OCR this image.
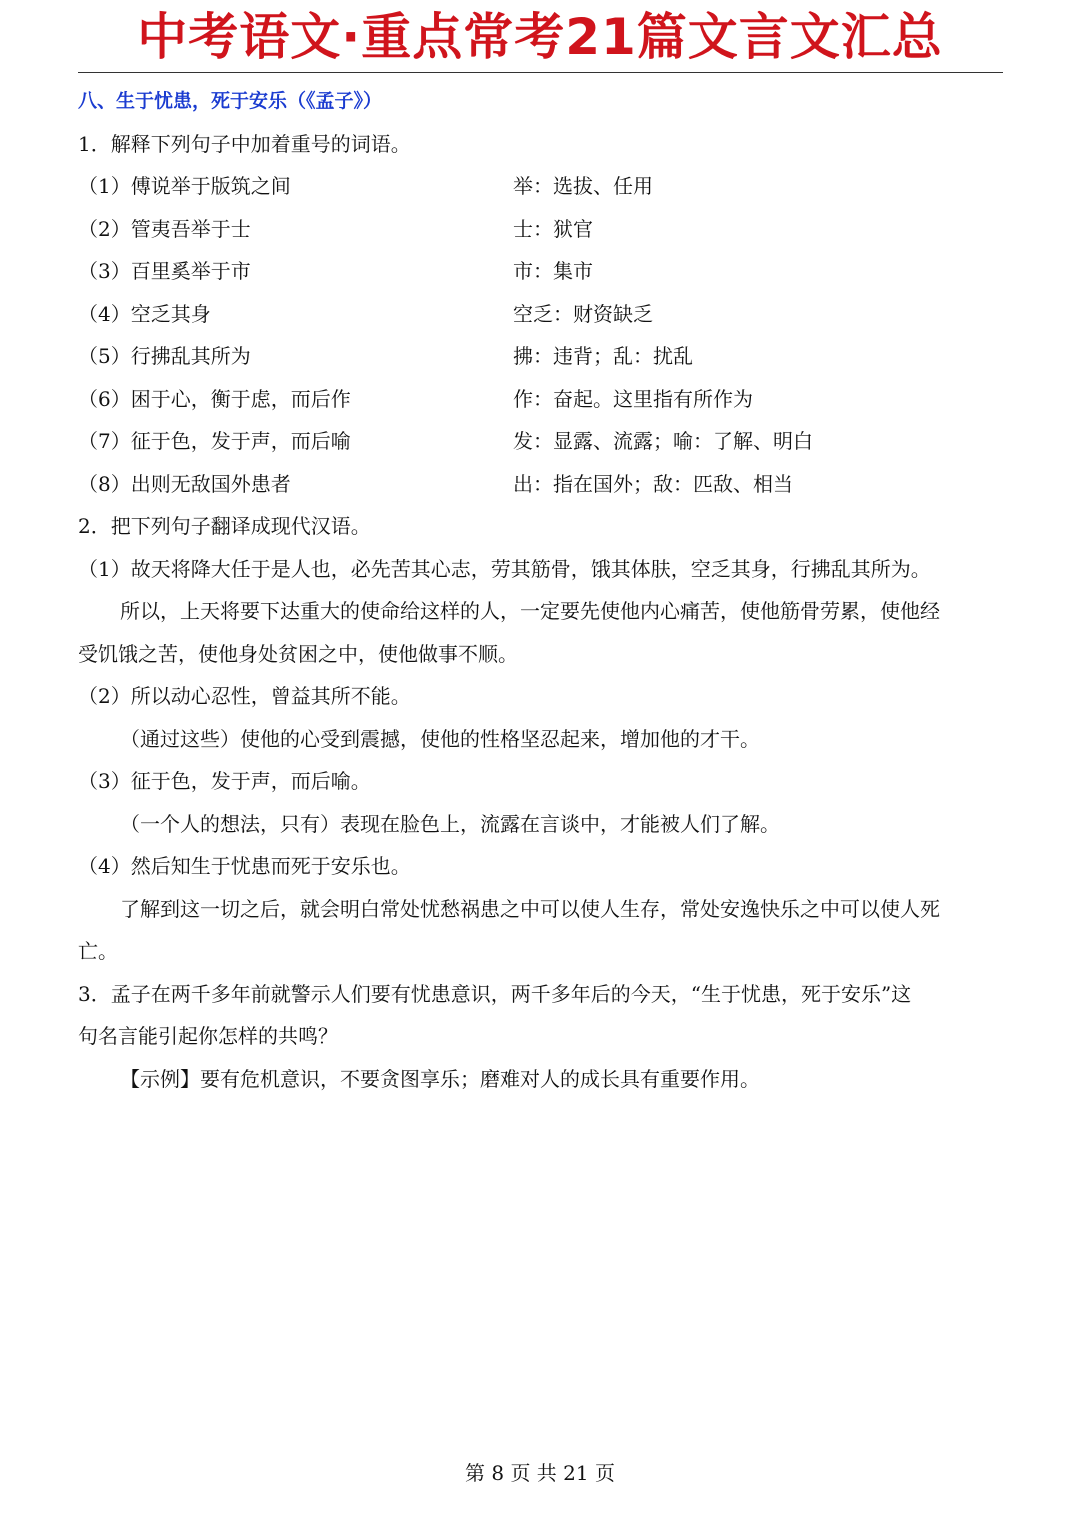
中考语文·重点常考21篇文言文汇总
八、生于忧患，死于安乐（《孟子》）
1．解释下列句子中加着重号的词语。
（1）傅说举于版筑之间	举：选拔、任用
（2）管夷吾举于士	士：狱官
（3）百里奚举于市	市：集市
（4）空乏其身	空乏：财资缺乏
（5）行拂乱其所为	拂：违背；乱：扰乱
（6）困于心，衡于虑，而后作	作：奋起。这里指有所作为
（7）征于色，发于声，而后喻	发：显露、流露；喻：了解、明白
（8）出则无敌国外患者	出：指在国外；敌：匹敌、相当
2．把下列句子翻译成现代汉语。
（1）故天将降大任于是人也，必先苦其心志，劳其筋骨，饿其体肤，空乏其身，行拂乱其所为。
所以，上天将要下达重大的使命给这样的人，一定要先使他内心痛苦，使他筋骨劳累，使他经
受饥饿之苦，使他身处贫困之中，使他做事不顺。
（2）所以动心忍性，曾益其所不能。
（通过这些）使他的心受到震撼，使他的性格坚忍起来，增加他的才干。
（3）征于色，发于声，而后喻。
（一个人的想法，只有）表现在脸色上，流露在言谈中，才能被人们了解。
（4）然后知生于忧患而死于安乐也。
了解到这一切之后，就会明白常处忧愁祸患之中可以使人生存，常处安逸快乐之中可以使人死
亡。
3．孟子在两千多年前就警示人们要有忧患意识，两千多年后的今天，“生于忧患，死于安乐”这
句名言能引起你怎样的共鸣？
【示例】要有危机意识，不要贪图享乐；磨难对人的成长具有重要作用。
第 8 页 共 21 页
